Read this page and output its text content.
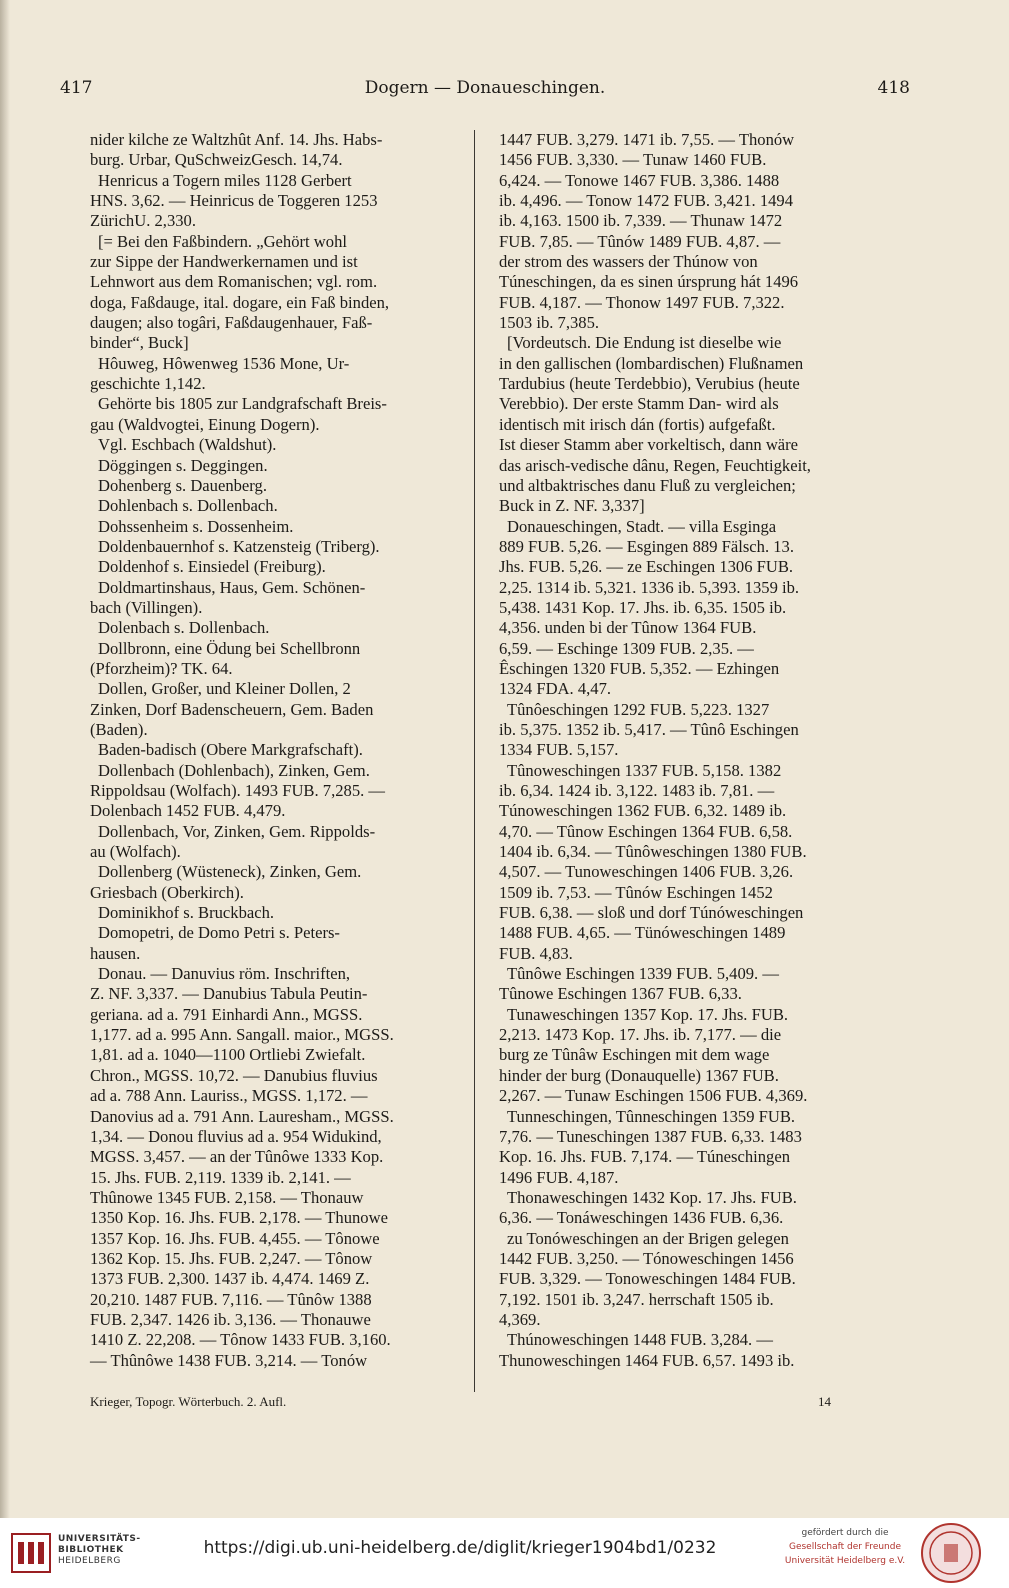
417	Dogern — Donaueschingen.	418
nider kilche ze Waltzhût Anf. 14. Jhs. Habs-
burg. Urbar, QuSchweizGesch. 14,74.
Henricus a Togern miles 1128 Gerbert
HNS. 3,62. — Heinricus de Toggeren 1253
ZürichU. 2,330.
[= Bei den Faßbindern. „Gehört wohl
zur Sippe der Handwerkernamen und ist
Lehnwort aus dem Romanischen; vgl. rom.
doga, Faßdauge, ital. dogare, ein Faß binden,
daugen; also togâri, Faßdaugenhauer, Faß-
binder“, Buck]
Hôuweg, Hôwenweg 1536 Mone, Ur-
geschichte 1,142.
Gehörte bis 1805 zur Landgrafschaft Breis-
gau (Waldvogtei, Einung Dogern).
Vgl. Eschbach (Waldshut).
Döggingen s. Deggingen.
Dohenberg s. Dauenberg.
Dohlenbach s. Dollenbach.
Dohssenheim s. Dossenheim.
Doldenbauernhof s. Katzensteig (Triberg).
Doldenhof s. Einsiedel (Freiburg).
Doldmartinshaus, Haus, Gem. Schönen-
bach (Villingen).
Dolenbach s. Dollenbach.
Dollbronn, eine Ödung bei Schellbronn
(Pforzheim)? TK. 64.
Dollen, Großer, und Kleiner Dollen, 2
Zinken, Dorf Badenscheuern, Gem. Baden
(Baden).
Baden-badisch (Obere Markgrafschaft).
Dollenbach (Dohlenbach), Zinken, Gem.
Rippoldsau (Wolfach). 1493 FUB. 7,285. —
Dolenbach 1452 FUB. 4,479.
Dollenbach, Vor, Zinken, Gem. Rippolds-
au (Wolfach).
Dollenberg (Wüsteneck), Zinken, Gem.
Griesbach (Oberkirch).
Dominikhof s. Bruckbach.
Domopetri, de Domo Petri s. Peters-
hausen.
Donau. — Danuvius röm. Inschriften,
Z. NF. 3,337. — Danubius Tabula Peutin-
geriana. ad a. 791 Einhardi Ann., MGSS.
1,177. ad a. 995 Ann. Sangall. maior., MGSS.
1,81. ad a. 1040—1100 Ortliebi Zwiefalt.
Chron., MGSS. 10,72. — Danubius fluvius
ad a. 788 Ann. Lauriss., MGSS. 1,172. —
Danovius ad a. 791 Ann. Lauresham., MGSS.
1,34. — Donou fluvius ad a. 954 Widukind,
MGSS. 3,457. — an der Tûnôwe 1333 Kop.
15. Jhs. FUB. 2,119. 1339 ib. 2,141. —
Thûnowe 1345 FUB. 2,158. — Thonauw
1350 Kop. 16. Jhs. FUB. 2,178. — Thunowe
1357 Kop. 16. Jhs. FUB. 4,455. — Tônowe
1362 Kop. 15. Jhs. FUB. 2,247. — Tônow
1373 FUB. 2,300. 1437 ib. 4,474. 1469 Z.
20,210. 1487 FUB. 7,116. — Tûnôw 1388
FUB. 2,347. 1426 ib. 3,136. — Thonauwe
1410 Z. 22,208. — Tônow 1433 FUB. 3,160.
— Thûnôwe 1438 FUB. 3,214. — Tonów
1447 FUB. 3,279. 1471 ib. 7,55. — Thonów
1456 FUB. 3,330. — Tunaw 1460 FUB.
6,424. — Tonowe 1467 FUB. 3,386. 1488
ib. 4,496. — Tonow 1472 FUB. 3,421. 1494
ib. 4,163. 1500 ib. 7,339. — Thunaw 1472
FUB. 7,85. — Tûnów 1489 FUB. 4,87. —
der strom des wassers der Thúnow von
Túneschingen, da es sinen úrsprung hát 1496
FUB. 4,187. — Thonow 1497 FUB. 7,322.
1503 ib. 7,385.
[Vordeutsch. Die Endung ist dieselbe wie
in den gallischen (lombardischen) Flußnamen
Tardubius (heute Terdebbio), Verubius (heute
Verebbio). Der erste Stamm Dan- wird als
identisch mit irisch dán (fortis) aufgefaßt.
Ist dieser Stamm aber vorkeltisch, dann wäre
das arisch-vedische dânu, Regen, Feuchtigkeit,
und altbaktrisches danu Fluß zu vergleichen;
Buck in Z. NF. 3,337]
Donaueschingen, Stadt. — villa Esginga
889 FUB. 5,26. — Esgingen 889 Fälsch. 13.
Jhs. FUB. 5,26. — ze Eschingen 1306 FUB.
2,25. 1314 ib. 5,321. 1336 ib. 5,393. 1359 ib.
5,438. 1431 Kop. 17. Jhs. ib. 6,35. 1505 ib.
4,356. unden bi der Tûnow 1364 FUB.
6,59. — Eschinge 1309 FUB. 2,35. —
Êschingen 1320 FUB. 5,352. — Ezhingen
1324 FDA. 4,47.
Tûnôeschingen 1292 FUB. 5,223. 1327
ib. 5,375. 1352 ib. 5,417. — Tûnô Eschingen
1334 FUB. 5,157.
Tûnoweschingen 1337 FUB. 5,158. 1382
ib. 6,34. 1424 ib. 3,122. 1483 ib. 7,81. —
Túnoweschingen 1362 FUB. 6,32. 1489 ib.
4,70. — Tûnow Eschingen 1364 FUB. 6,58.
1404 ib. 6,34. — Tûnôweschingen 1380 FUB.
4,507. — Tunoweschingen 1406 FUB. 3,26.
1509 ib. 7,53. — Tûnów Eschingen 1452
FUB. 6,38. — sloß und dorf Túnóweschingen
1488 FUB. 4,65. — Tünóweschingen 1489
FUB. 4,83.
Tûnôwe Eschingen 1339 FUB. 5,409. —
Tûnowe Eschingen 1367 FUB. 6,33.
Tunaweschingen 1357 Kop. 17. Jhs. FUB.
2,213. 1473 Kop. 17. Jhs. ib. 7,177. — die
burg ze Tûnâw Eschingen mit dem wage
hinder der burg (Donauquelle) 1367 FUB.
2,267. — Tunaw Eschingen 1506 FUB. 4,369.
Tunneschingen, Tûnneschingen 1359 FUB.
7,76. — Tuneschingen 1387 FUB. 6,33. 1483
Kop. 16. Jhs. FUB. 7,174. — Túneschingen
1496 FUB. 4,187.
Thonaweschingen 1432 Kop. 17. Jhs. FUB.
6,36. — Tonáweschingen 1436 FUB. 6,36.
zu Tonóweschingen an der Brigen gelegen
1442 FUB. 3,250. — Tónoweschingen 1456
FUB. 3,329. — Tonoweschingen 1484 FUB.
7,192. 1501 ib. 3,247. herrschaft 1505 ib.
4,369.
Thúnoweschingen 1448 FUB. 3,284. —
Thunoweschingen 1464 FUB. 6,57. 1493 ib.
Krieger, Topogr. Wörterbuch. 2. Aufl.	14
UNIVERSITÄTS-
BIBLIOTHEK
HEIDELBERG
https://digi.ub.uni-heidelberg.de/diglit/krieger1904bd1/0232
gefördert durch die
Gesellschaft der Freunde
Universität Heidelberg e.V.
